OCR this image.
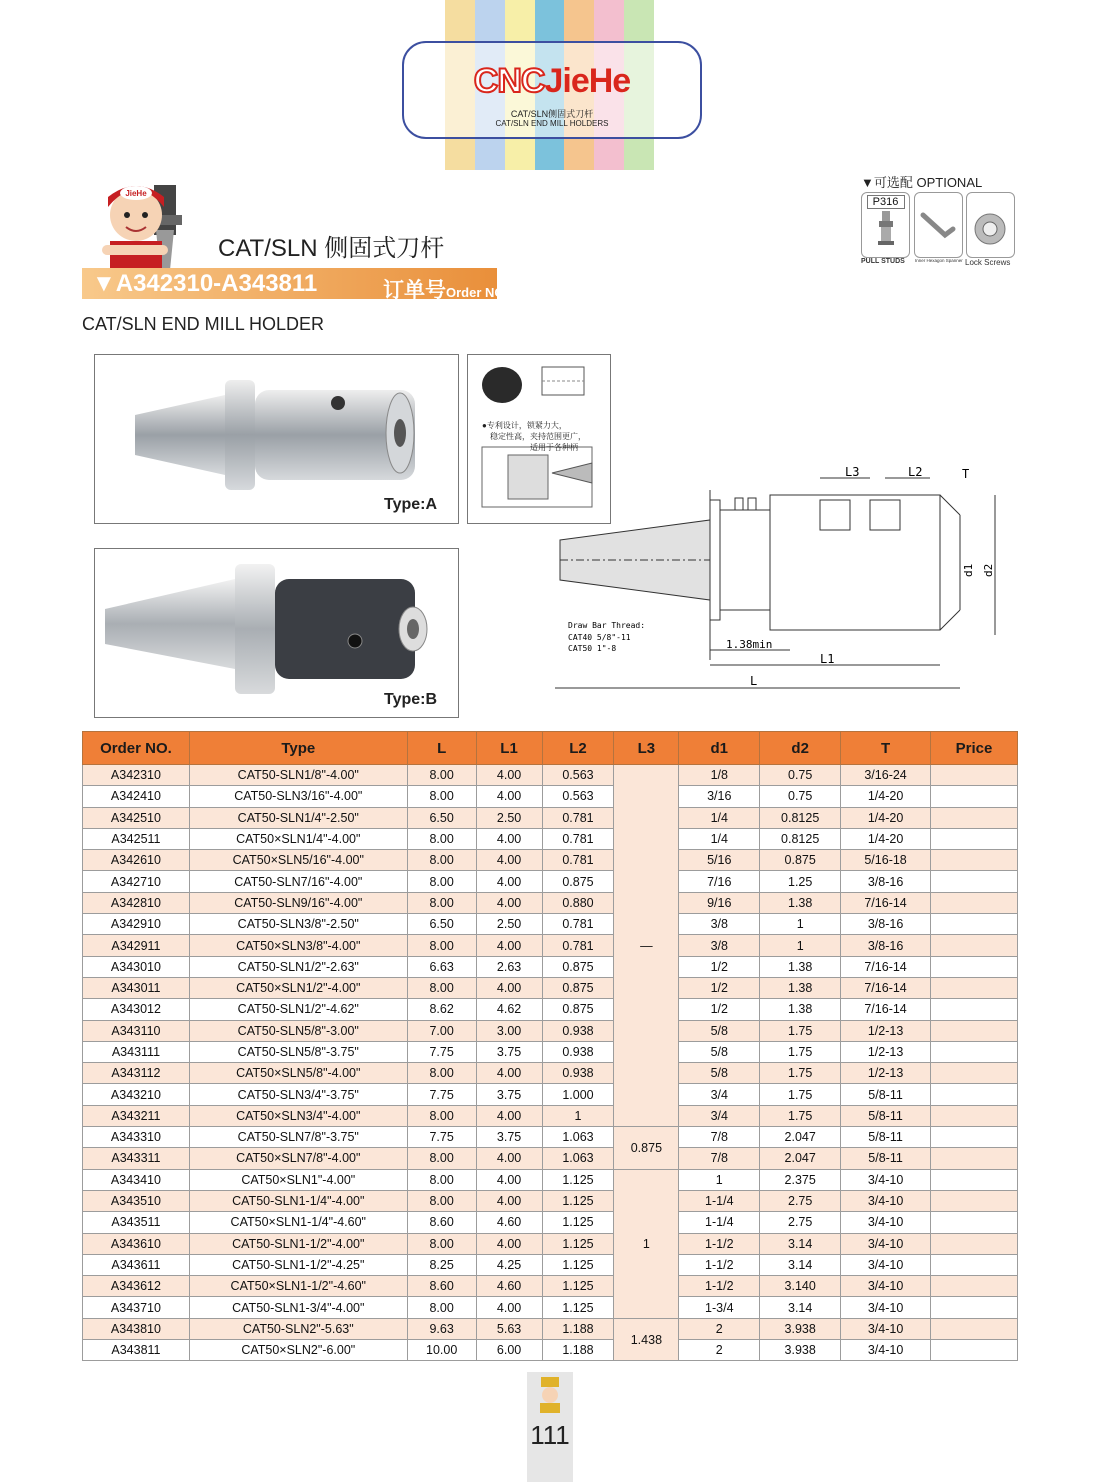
CNCJieHe
CAT/SLN侧固式刀杆
CAT/SLN END MILL HOLDERS
JieHe
CAT/SLN 侧固式刀杆
▼A342310-A343811	订单号Order NO.
CAT/SLN END MILL HOLDER
▼可选配 OPTIONAL
P316
PULL STUDS Inner Hexagon Spanner Lock Screws
Type:A
●专利设计，锁紧力大，
稳定性高，夹持范围更广，
适用于各种柄
Type:B
L3	L2	T
d1 d2
L1
L
1.38min
Draw Bar Thread:
CAT40 5/8"-11
CAT50 1"-8
Order NO.	Type	L	L1	L2	L3	d1	d2	T	Price
A342310	CAT50-SLN1/8"-4.00"	8.00	4.00	0.563	—	1/8	0.75	3/16-24	
A342410	CAT50-SLN3/16"-4.00"	8.00	4.00	0.563		3/16	0.75	1/4-20	
A342510	CAT50-SLN1/4"-2.50"	6.50	2.50	0.781		1/4	0.8125	1/4-20	
A342511	CAT50×SLN1/4"-4.00"	8.00	4.00	0.781		1/4	0.8125	1/4-20	
A342610	CAT50×SLN5/16"-4.00"	8.00	4.00	0.781		5/16	0.875	5/16-18	
A342710	CAT50-SLN7/16"-4.00"	8.00	4.00	0.875		7/16	1.25	3/8-16	
A342810	CAT50-SLN9/16"-4.00"	8.00	4.00	0.880		9/16	1.38	7/16-14	
A342910	CAT50-SLN3/8"-2.50"	6.50	2.50	0.781		3/8	1	3/8-16	
A342911	CAT50×SLN3/8"-4.00"	8.00	4.00	0.781		3/8	1	3/8-16	
A343010	CAT50-SLN1/2"-2.63"	6.63	2.63	0.875		1/2	1.38	7/16-14	
A343011	CAT50×SLN1/2"-4.00"	8.00	4.00	0.875		1/2	1.38	7/16-14	
A343012	CAT50-SLN1/2"-4.62"	8.62	4.62	0.875		1/2	1.38	7/16-14	
A343110	CAT50-SLN5/8"-3.00"	7.00	3.00	0.938		5/8	1.75	1/2-13	
A343111	CAT50-SLN5/8"-3.75"	7.75	3.75	0.938		5/8	1.75	1/2-13	
A343112	CAT50×SLN5/8"-4.00"	8.00	4.00	0.938		5/8	1.75	1/2-13	
A343210	CAT50-SLN3/4"-3.75"	7.75	3.75	1.000		3/4	1.75	5/8-11	
A343211	CAT50×SLN3/4"-4.00"	8.00	4.00	1		3/4	1.75	5/8-11	
A343310	CAT50-SLN7/8"-3.75"	7.75	3.75	1.063	0.875	7/8	2.047	5/8-11	
A343311	CAT50×SLN7/8"-4.00"	8.00	4.00	1.063		7/8	2.047	5/8-11	
A343410	CAT50×SLN1"-4.00"	8.00	4.00	1.125	1	1	2.375	3/4-10	
A343510	CAT50-SLN1-1/4"-4.00"	8.00	4.00	1.125		1-1/4	2.75	3/4-10	
A343511	CAT50×SLN1-1/4"-4.60"	8.60	4.60	1.125		1-1/4	2.75	3/4-10	
A343610	CAT50-SLN1-1/2"-4.00"	8.00	4.00	1.125		1-1/2	3.14	3/4-10	
A343611	CAT50-SLN1-1/2"-4.25"	8.25	4.25	1.125		1-1/2	3.14	3/4-10	
A343612	CAT50×SLN1-1/2"-4.60"	8.60	4.60	1.125		1-1/2	3.140	3/4-10	
A343710	CAT50-SLN1-3/4"-4.00"	8.00	4.00	1.125		1-3/4	3.14	3/4-10	
A343810	CAT50-SLN2"-5.63"	9.63	5.63	1.188	1.438	2	3.938	3/4-10	
A343811	CAT50×SLN2"-6.00"	10.00	6.00	1.188		2	3.938	3/4-10	
111
